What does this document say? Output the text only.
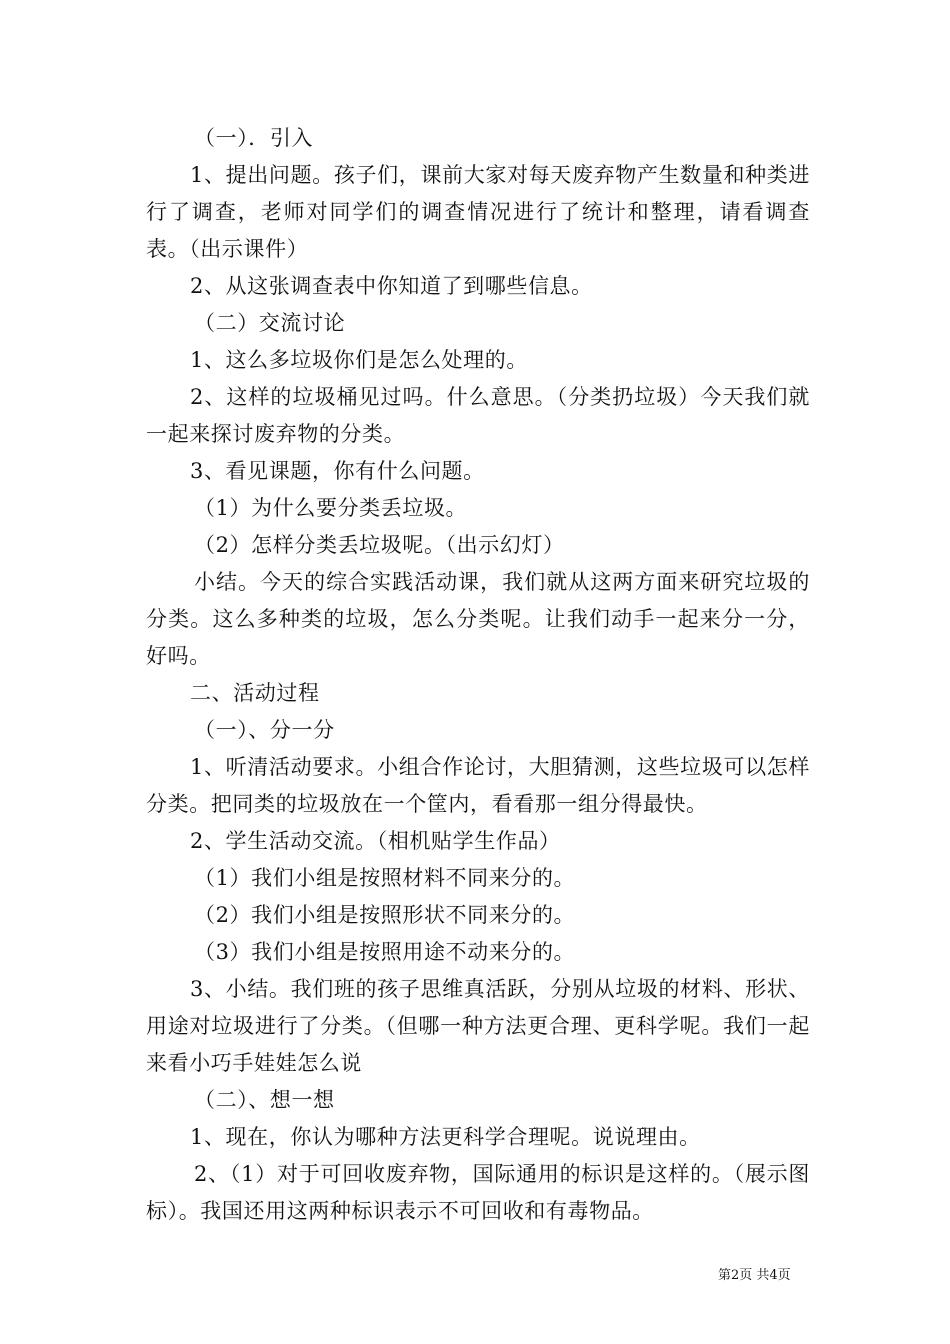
（一）．引入

1、提出问题。孩子们，课前大家对每天废弃物产生数量和种类进行了调查，老师对同学们的调查情况进行了统计和整理，请看调查表。（出示课件）

2、从这张调查表中你知道了到哪些信息。

（二）交流讨论

1、这么多垃圾你们是怎么处理的。

2、这样的垃圾桶见过吗。什么意思。（分类扔垃圾）今天我们就一起来探讨废弃物的分类。

3、看见课题，你有什么问题。

（1）为什么要分类丢垃圾。

（2）怎样分类丢垃圾呢。（出示幻灯）

小结。今天的综合实践活动课，我们就从这两方面来研究垃圾的分类。这么多种类的垃圾，怎么分类呢。让我们动手一起来分一分，好吗。

二、活动过程

（一）、分一分

1、听清活动要求。小组合作论讨，大胆猜测，这些垃圾可以怎样分类。把同类的垃圾放在一个筐内，看看那一组分得最快。

2、学生活动交流。（相机贴学生作品）

（1）我们小组是按照材料不同来分的。

（2）我们小组是按照形状不同来分的。

（3）我们小组是按照用途不动来分的。

3、小结。我们班的孩子思维真活跃，分别从垃圾的材料、形状、用途对垃圾进行了分类。（但哪一种方法更合理、更科学呢。我们一起来看小巧手娃娃怎么说

（二）、想一想

1、现在，你认为哪种方法更科学合理呢。说说理由。

2、（1）对于可回收废弃物，国际通用的标识是这样的。（展示图标）。我国还用这两种标识表示不可回收和有毒物品。

第2页 共4页
